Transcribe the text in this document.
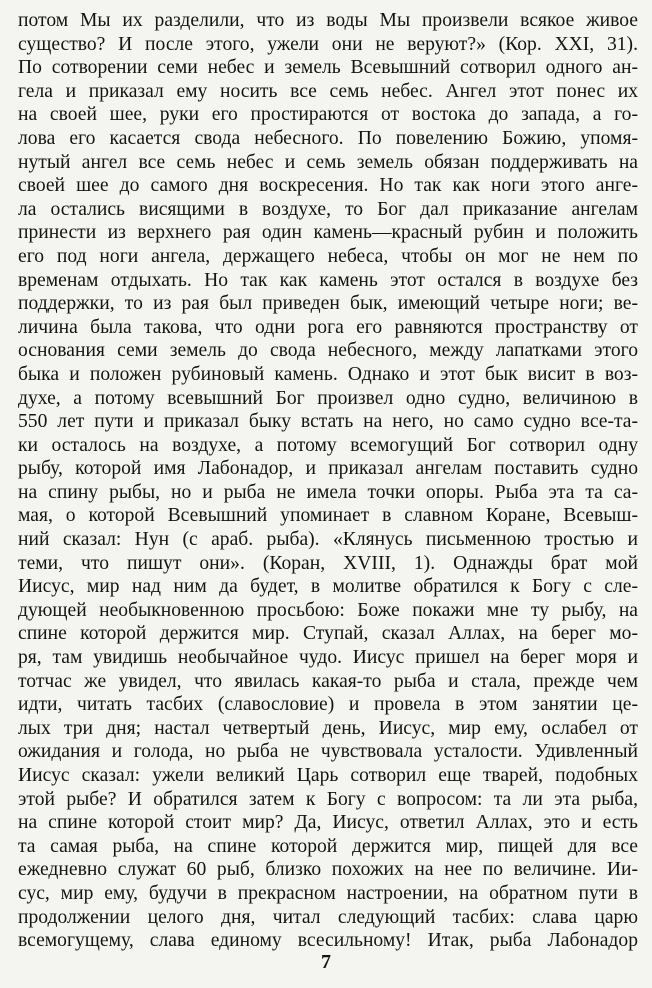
потом Мы их разделили, что из воды Мы произвели всякое живое
существо? И после этого, ужели они не веруют?» (Кор. XXI, 31).
По сотворении семи небес и земель Всевышний сотворил одного ан-
гела и приказал ему носить все семь небес. Ангел этот понес их
на своей шее, руки его простираются от востока до запада, а го-
лова его касается свода небесного. По повелению Божию, упомя-
нутый ангел все семь небес и семь земель обязан поддерживать на
своей шее до самого дня воскресения. Но так как ноги этого анге-
ла остались висящими в воздухе, то Бог дал приказание ангелам
принести из верхнего рая один камень—красный рубин и положить
его под ноги ангела, держащего небеса, чтобы он мог не нем по
временам отдыхать. Но так как камень этот остался в воздухе без
поддержки, то из рая был приведен бык, имеющий четыре ноги; ве-
личина была такова, что одни рога его равняются пространству от
основания семи земель до свода небесного, между лапатками этого
быка и положен рубиновый камень. Однако и этот бык висит в воз-
духе, а потому всевышний Бог произвел одно судно, величиною в
550 лет пути и приказал быку встать на него, но само судно все-та-
ки осталось на воздухе, а потому всемогущий Бог сотворил одну
рыбу, которой имя Лабонадор, и приказал ангелам поставить судно
на спину рыбы, но и рыба не имела точки опоры. Рыба эта та са-
мая, о которой Всевышний упоминает в славном Коране, Всевыш-
ний сказал: Нун (с араб. рыба). «Клянусь письменною тростью и
теми, что пишут они». (Коран, XVIII, 1). Однажды брат мой
Иисус, мир над ним да будет, в молитве обратился к Богу с сле-
дующей необыкновенною просьбою: Боже покажи мне ту рыбу, на
спине которой держится мир. Ступай, сказал Аллах, на берег мо-
ря, там увидишь необычайное чудо. Иисус пришел на берег моря и
тотчас же увидел, что явилась какая-то рыба и стала, прежде чем
идти, читать тасбих (славословие) и провела в этом занятии це-
лых три дня; настал четвертый день, Иисус, мир ему, ослабел от
ожидания и голода, но рыба не чувствовала усталости. Удивленный
Иисус сказал: ужели великий Царь сотворил еще тварей, подобных
этой рыбе? И обратился затем к Богу с вопросом: та ли эта рыба,
на спине которой стоит мир? Да, Иисус, ответил Аллах, это и есть
та самая рыба, на спине которой держится мир, пищей для все
ежедневно служат 60 рыб, близко похожих на нее по величине. Ии-
сус, мир ему, будучи в прекрасном настроении, на обратном пути в
продолжении целого дня, читал следующий тасбих: слава царю
всемогущему, слава единому всесильному! Итак, рыба Лабонадор
7
